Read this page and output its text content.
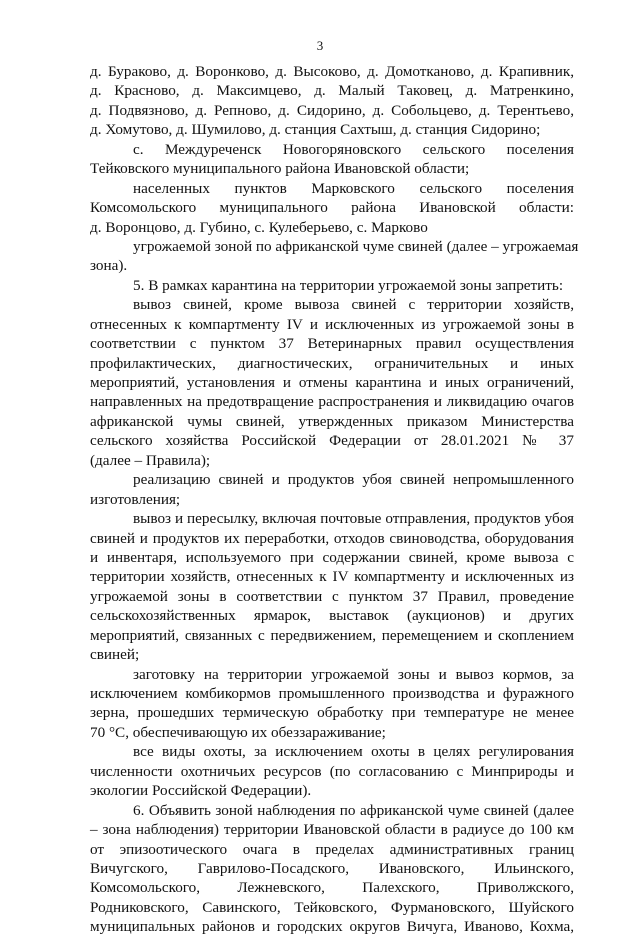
3
д. Бураково, д. Воронково, д. Высоково, д. Домотканово, д. Крапивник,
д. Красново, д. Максимцево, д. Малый Таковец, д. Матренкино,
д. Подвязново, д. Репново, д. Сидорино, д. Собольцево, д. Терентьево,
д. Хомутово, д. Шумилово, д. станция Сахтыш, д. станция Сидорино;
с. Междуреченск Новогоряновского сельского поселения
Тейковского муниципального района Ивановской области;
населенных пунктов Марковского сельского поселения
Комсомольского муниципального района Ивановской области:
д. Воронцово, д. Губино, с. Кулеберьево, с. Марково
угрожаемой зоной по африканской чуме свиней (далее – угрожаемая
зона).
5. В рамках карантина на территории угрожаемой зоны запретить:
вывоз свиней, кроме вывоза свиней с территории хозяйств,
отнесенных к компартменту IV и исключенных из угрожаемой зоны в
соответствии с пунктом 37 Ветеринарных правил осуществления
профилактических, диагностических, ограничительных и иных
мероприятий, установления и отмены карантина и иных ограничений,
направленных на предотвращение распространения и ликвидацию очагов
африканской чумы свиней, утвержденных приказом Министерства
сельского хозяйства Российской Федерации от 28.01.2021 № 37
(далее – Правила);
реализацию свиней и продуктов убоя свиней непромышленного
изготовления;
вывоз и пересылку, включая почтовые отправления, продуктов убоя
свиней и продуктов их переработки, отходов свиноводства, оборудования
и инвентаря, используемого при содержании свиней, кроме вывоза с
территории хозяйств, отнесенных к IV компартменту и исключенных из
угрожаемой зоны в соответствии с пунктом 37 Правил, проведение
сельскохозяйственных ярмарок, выставок (аукционов) и других
мероприятий, связанных с передвижением, перемещением и скоплением
свиней;
заготовку на территории угрожаемой зоны и вывоз кормов, за
исключением комбикормов промышленного производства и фуражного
зерна, прошедших термическую обработку при температуре не менее
70 °С, обеспечивающую их обеззараживание;
все виды охоты, за исключением охоты в целях регулирования
численности охотничьих ресурсов (по согласованию с Минприроды и
экологии Российской Федерации).
6. Объявить зоной наблюдения по африканской чуме свиней (далее
– зона наблюдения) территории Ивановской области в радиусе до 100 км
от эпизоотического очага в пределах административных границ
Вичугского, Гаврилово-Посадского, Ивановского, Ильинского,
Комсомольского, Лежневского, Палехского, Приволжского,
Родниковского, Савинского, Тейковского, Фурмановского, Шуйского
муниципальных районов и городских округов Вичуга, Иваново, Кохма,
